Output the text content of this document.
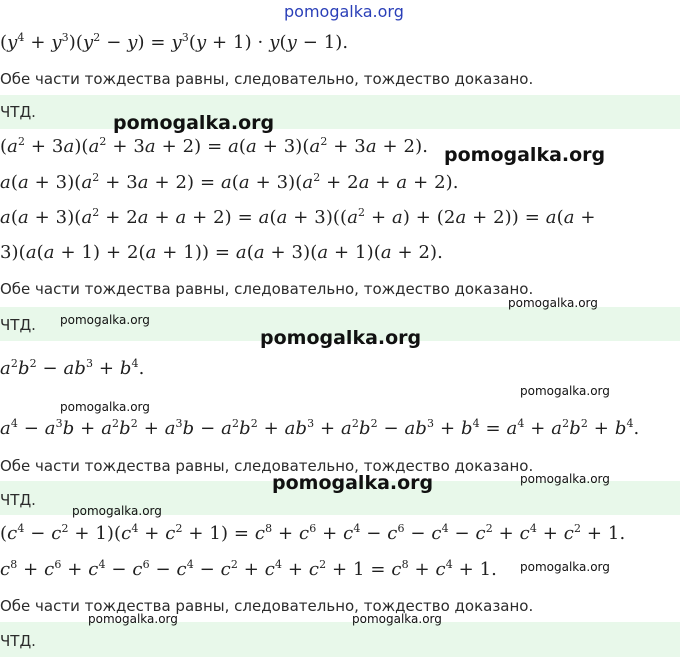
pomogalka.org
$(y^4 + y^3)(y^2 - y) = y^3(y + 1) \cdot y(y - 1)$.
Обе части тождества равны, следовательно, тождество доказано.
ЧТД.	pomogalka.org
$(a^2 + 3a)(a^2 + 3a + 2) = a(a + 3)(a^2 + 3a + 2)$. pomogalka.org
$a(a + 3)(a^2 + 3a + 2) = a(a + 3)(a^2 + 2a + a + 2)$.
$a(a + 3)(a^2 + 2a + a + 2) = a(a + 3)((a^2 + a) + (2a + 2)) = a(a$ +
3)(a(a + 1) + 2(a + 1)) = a(a + 3)(a + 1)(a + 2).
Обе части тождества равны, следовательно, тождество доказано.
pomogalka.org
ЧТД. pomogalka.org
pomogalka.org
$a^2b^2 - ab^3 + b^4$.
pomogalka.org
pomogalka.org
$a^4 - a^3b + a^2b^2 + a^3b - a^2b^2 + ab^3 + a^2b^2 - ab^3 + b^4 = a^4 + a^2b^2 + b^4$.
Обе части тождества равны, следовательно, тождество доказано.
pomogalka.org	pomogalka.org
ЧТД.
pomogalka.org
$(c^4 - c^2 + 1)(c^4 + c^2 + 1) = c^8 + c^6 + c^4 - c^6 - c^4 - c^2 + c^4 + c^2 + 1$.
$c^8 + c^6 + c^4 - c^6 - c^4 - c^2 + c^4 + c^2 + 1 = c^8 + c^4 + 1$. pomogalka.org
Обе части тождества равны, следовательно, тождество доказано.
pomogalka.org	pomogalka.org
ЧТД.
